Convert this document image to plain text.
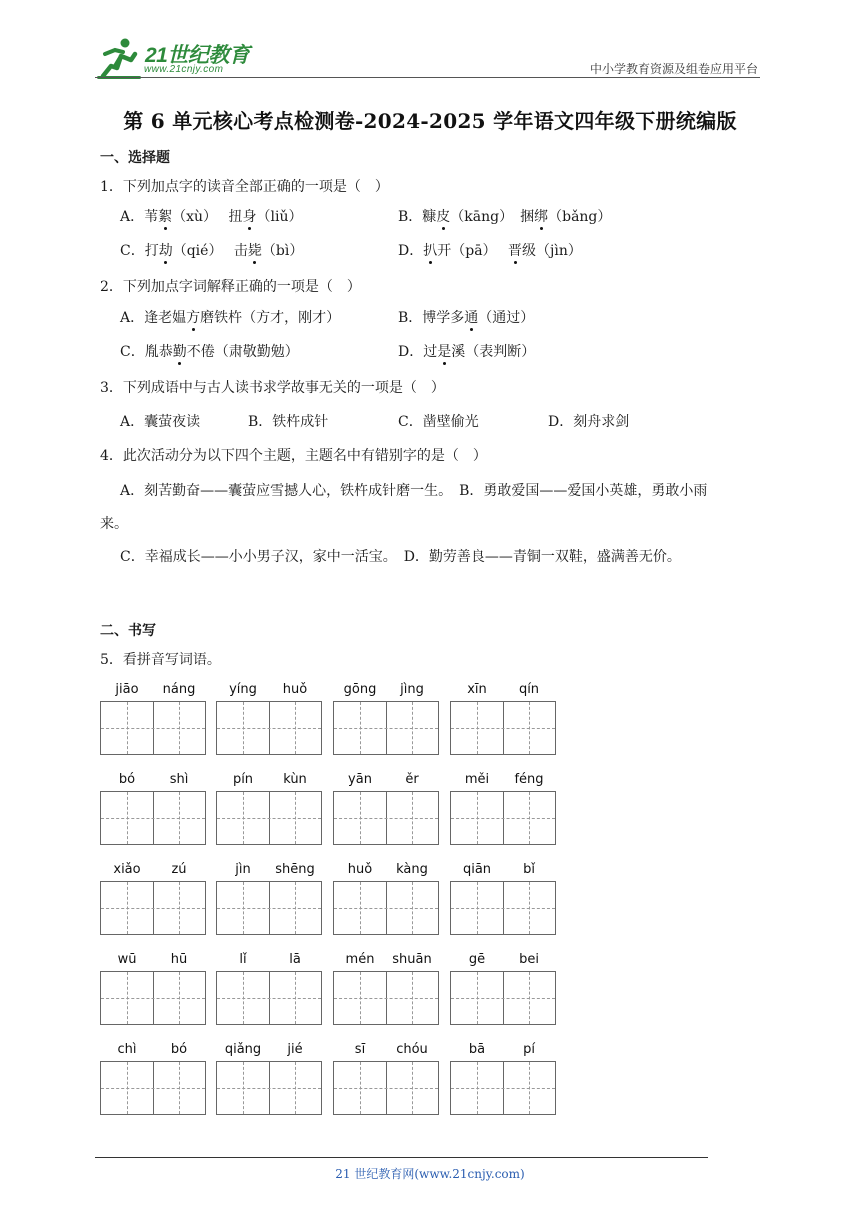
21世纪教育
www.21cnjy.com	中小学教育资源及组卷应用平台
第 6 单元核心考点检测卷-2024-2025 学年语文四年级下册统编版
一、选择题
1．下列加点字的读音全部正确的一项是（　）
A．苇絮（xù）　 扭身（liǔ）	B．糠皮（kāng）　捆绑（bǎng）
C．打劫（qié）　 击毙（bì）	D．扒开（pā）　 晋级（jìn）
2．下列加点字词解释正确的一项是（　）
A．逢老媪方磨铁杵（方才，刚才）	B．博学多通（通过）
C．胤恭勤不倦（肃敬勤勉）	D．过是溪（表判断）
3．下列成语中与古人读书求学故事无关的一项是（　）
A．囊萤夜读	B．铁杵成针	C．凿壁偷光	D．刻舟求剑
4．此次活动分为以下四个主题，主题名中有错别字的是（　）
A．刻苦勤奋——囊萤应雪撼人心，铁杵成针磨一生。　B．勇敢爱国——爱国小英雄，勇敢小雨
来。
C．幸福成长——小小男子汉，家中一活宝。　D．勤劳善良——青铜一双鞋，盛满善无价。
二、书写
5．看拼音写词语。
jiāo	náng	yíng	huǒ	gōng	jìng	xīn	qín
bó	shì	pín	kùn	yān	ěr	měi	féng
xiǎo	zú	jìn	shēng	huǒ	kàng	qiān	bǐ
wū	hū	lǐ	lā	mén	shuān	gē	bei
chì	bó	qiǎng	jié	sī	chóu	bā	pí
21 世纪教育网(www.21cnjy.com)
